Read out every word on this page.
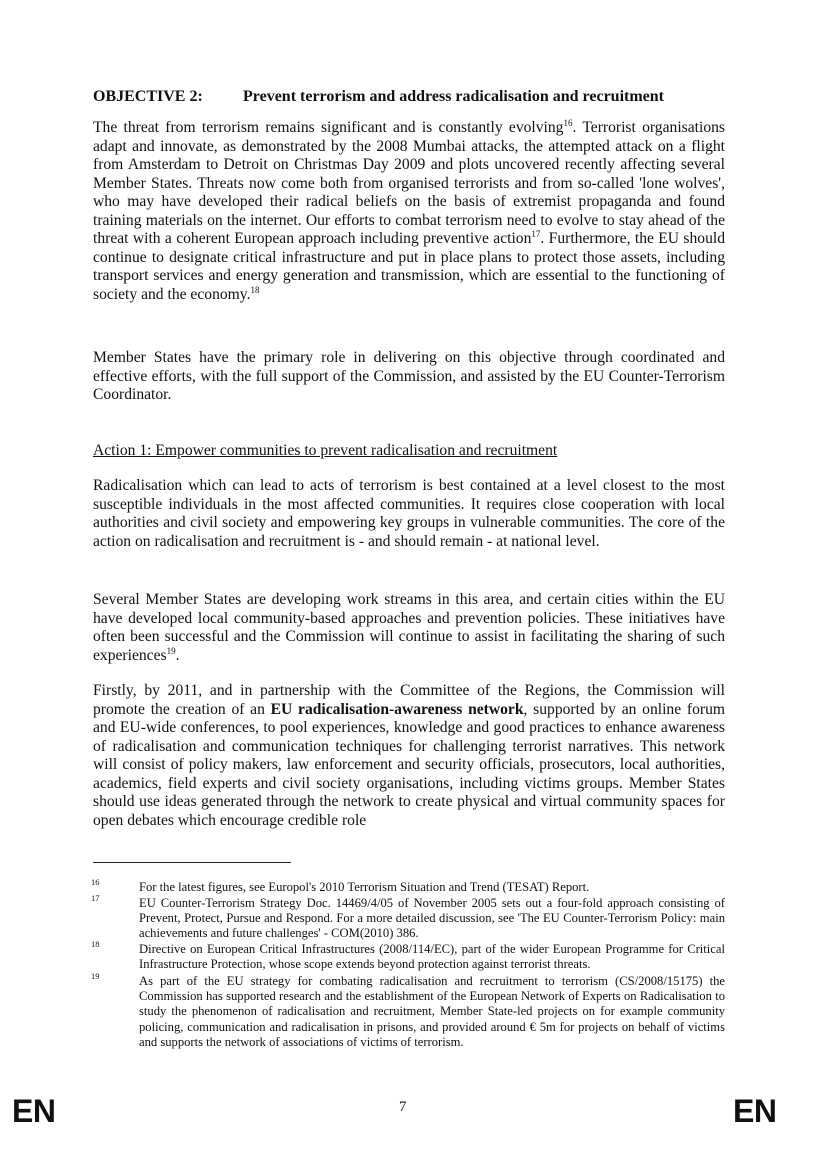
OBJECTIVE 2:	Prevent terrorism and address radicalisation and recruitment

The threat from terrorism remains significant and is constantly evolving$^{16}$. Terrorist organisations adapt and innovate, as demonstrated by the 2008 Mumbai attacks, the attempted attack on a flight from Amsterdam to Detroit on Christmas Day 2009 and plots uncovered recently affecting several Member States. Threats now come both from organised terrorists and from so-called 'lone wolves', who may have developed their radical beliefs on the basis of extremist propaganda and found training materials on the internet. Our efforts to combat terrorism need to evolve to stay ahead of the threat with a coherent European approach including preventive action$^{17}$. Furthermore, the EU should continue to designate critical infrastructure and put in place plans to protect those assets, including transport services and energy generation and transmission, which are essential to the functioning of society and the economy.$^{18}$

Member States have the primary role in delivering on this objective through coordinated and effective efforts, with the full support of the Commission, and assisted by the EU Counter-Terrorism Coordinator.

Action 1: Empower communities to prevent radicalisation and recruitment

Radicalisation which can lead to acts of terrorism is best contained at a level closest to the most susceptible individuals in the most affected communities. It requires close cooperation with local authorities and civil society and empowering key groups in vulnerable communities. The core of the action on radicalisation and recruitment is - and should remain - at national level.

Several Member States are developing work streams in this area, and certain cities within the EU have developed local community-based approaches and prevention policies. These initiatives have often been successful and the Commission will continue to assist in facilitating the sharing of such experiences$^{19}$.

Firstly, by 2011, and in partnership with the Committee of the Regions, the Commission will promote the creation of an EU radicalisation-awareness network, supported by an online forum and EU-wide conferences, to pool experiences, knowledge and good practices to enhance awareness of radicalisation and communication techniques for challenging terrorist narratives. This network will consist of policy makers, law enforcement and security officials, prosecutors, local authorities, academics, field experts and civil society organisations, including victims groups. Member States should use ideas generated through the network to create physical and virtual community spaces for open debates which encourage credible role

16	For the latest figures, see Europol's 2010 Terrorism Situation and Trend (TESAT) Report.

17	EU Counter-Terrorism Strategy Doc. 14469/4/05 of November 2005 sets out a four-fold approach consisting of Prevent, Protect, Pursue and Respond. For a more detailed discussion, see 'The EU Counter-Terrorism Policy: main achievements and future challenges' - COM(2010) 386.

18	Directive on European Critical Infrastructures (2008/114/EC), part of the wider European Programme for Critical Infrastructure Protection, whose scope extends beyond protection against terrorist threats.

19	As part of the EU strategy for combating radicalisation and recruitment to terrorism (CS/2008/15175) the Commission has supported research and the establishment of the European Network of Experts on Radicalisation to study the phenomenon of radicalisation and recruitment, Member State-led projects on for example community policing, communication and radicalisation in prisons, and provided around € 5m for projects on behalf of victims and supports the network of associations of victims of terrorism.

EN	7	EN
